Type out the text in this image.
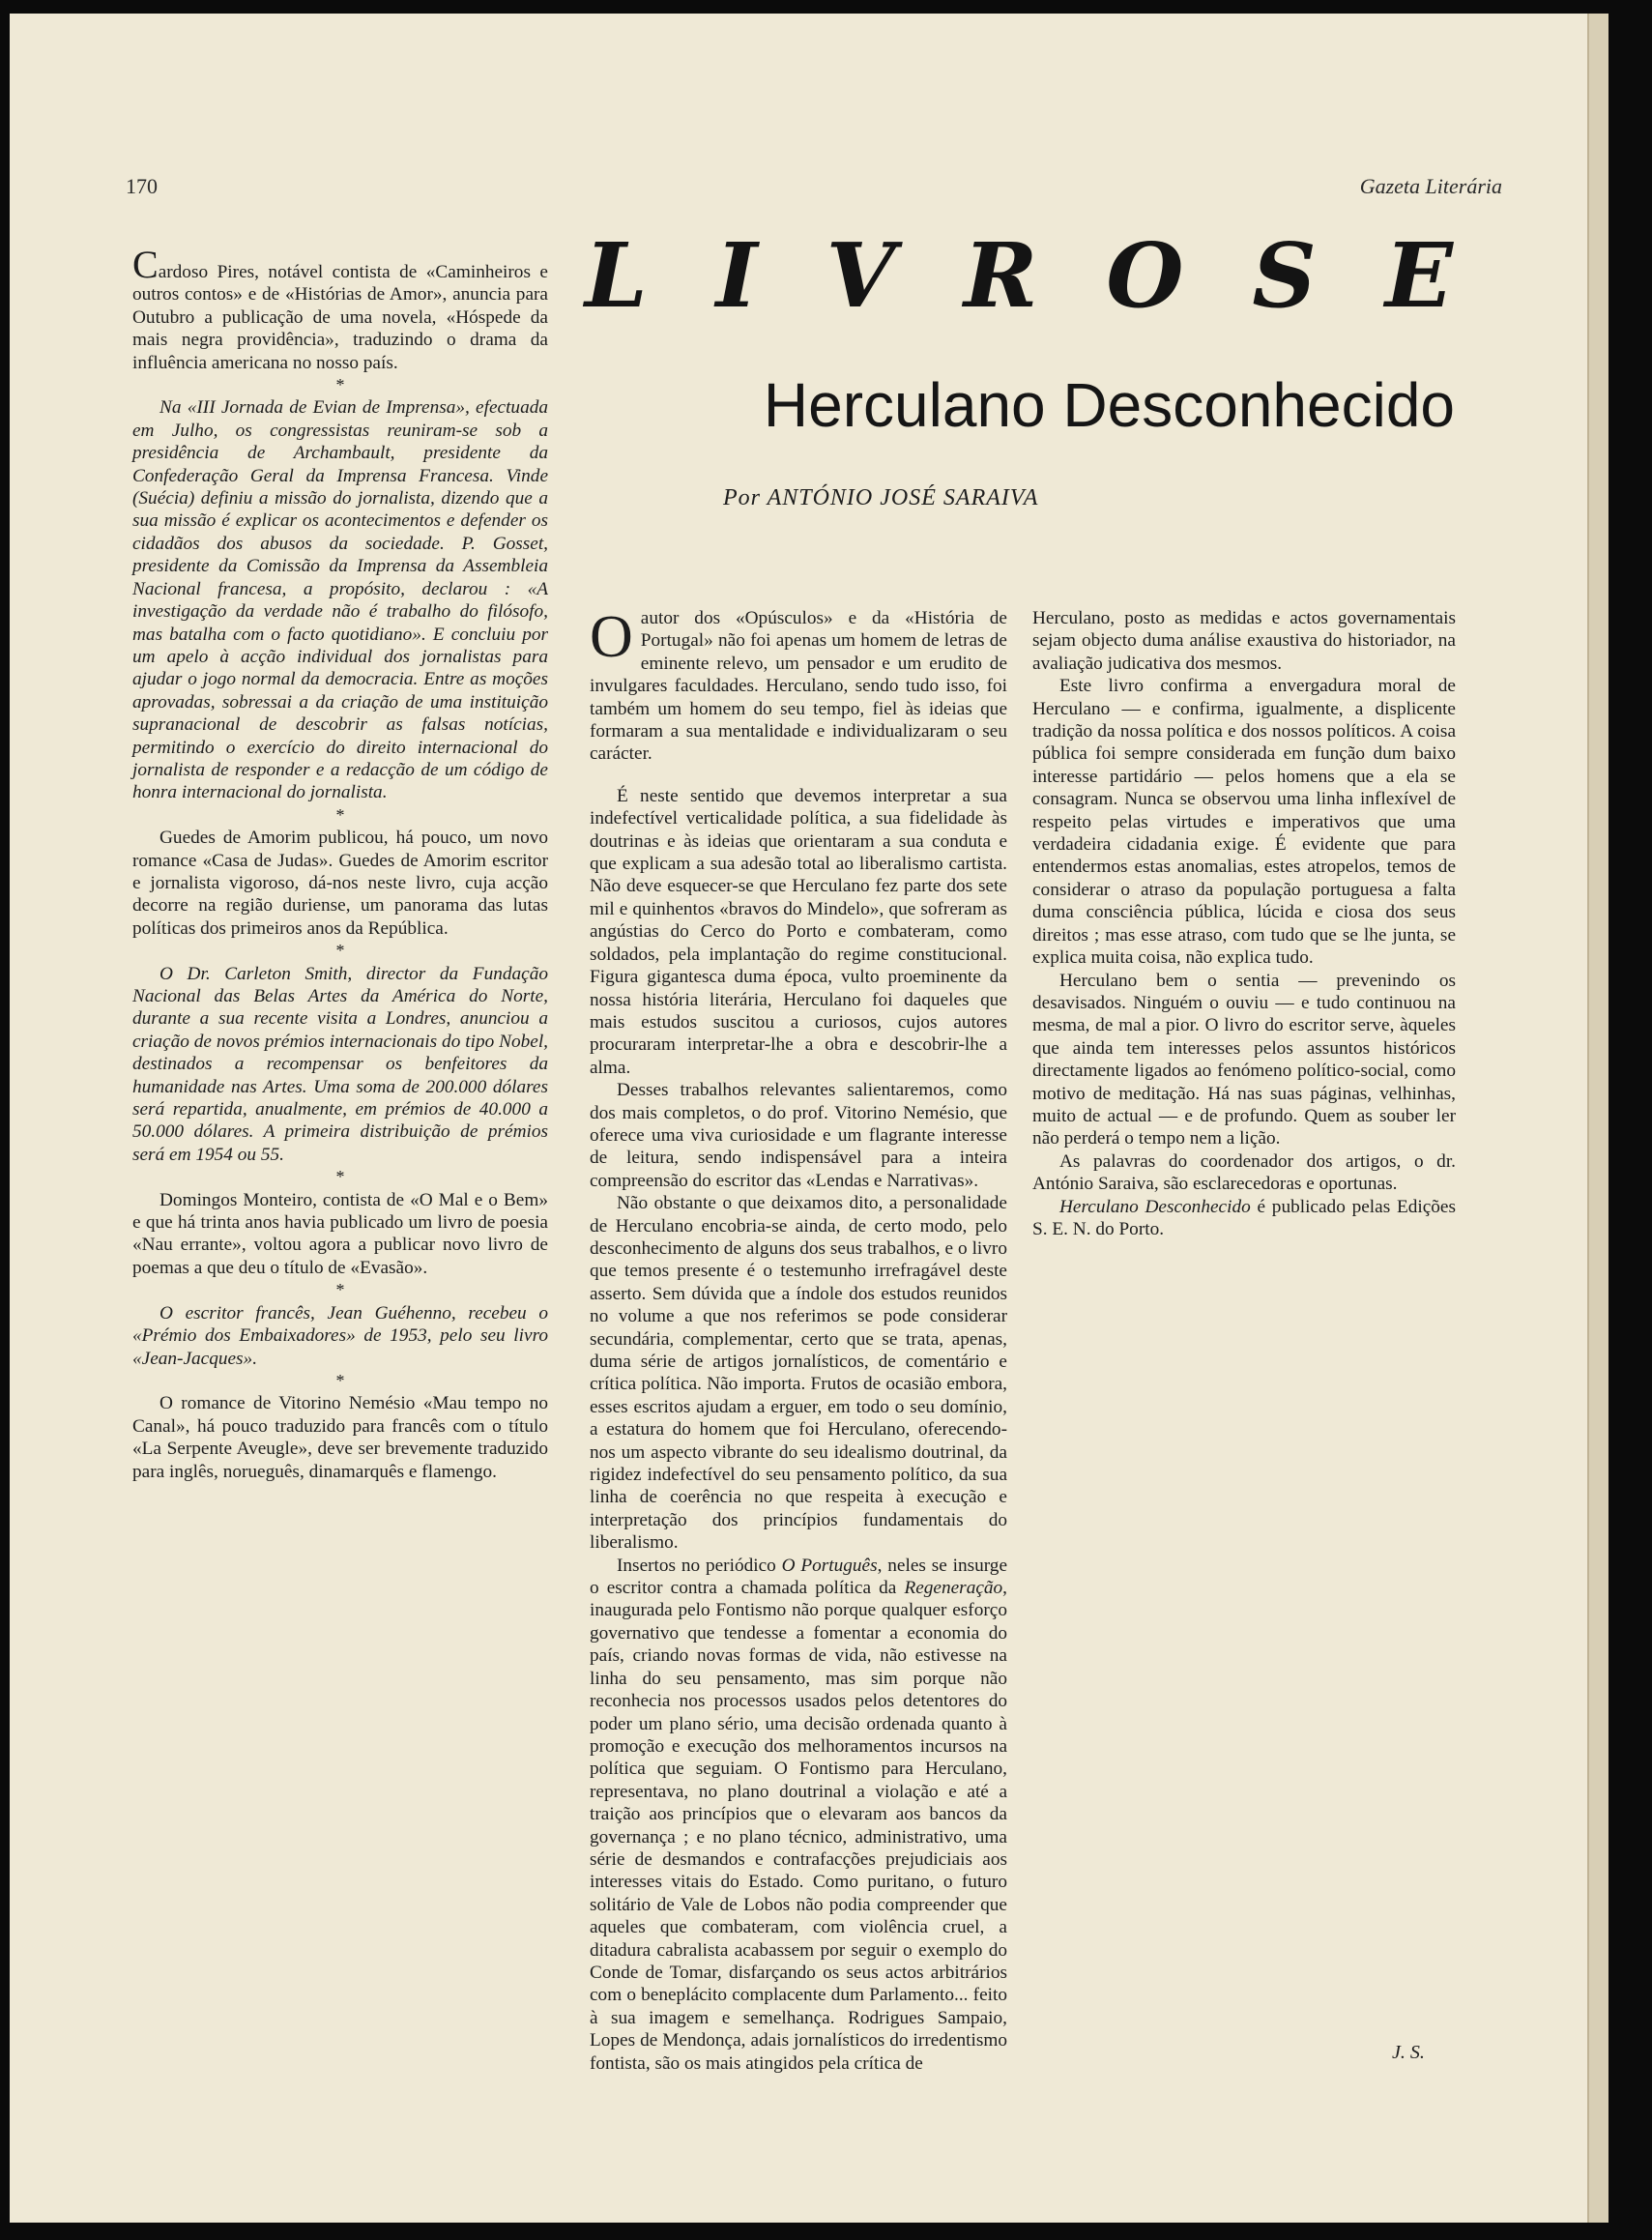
170	Gazeta Literária
L I V R O S E
Herculano Desconhecido
Por ANTÓNIO JOSÉ SARAIVA

Cardoso Pires, notável contista de «Caminheiros e outros contos» e de «Histórias de Amor», anuncia para Outubro a publicação de uma novela, «Hóspede da mais negra providência», traduzindo o drama da influência americana no nosso país.

*

Na «III Jornada de Evian de Imprensa», efectuada em Julho, os congressistas reuniram-se sob a presidência de Archambault, presidente da Confederação Geral da Imprensa Francesa. Vinde (Suécia) definiu a missão do jornalista, dizendo que a sua missão é explicar os acontecimentos e defender os cidadãos dos abusos da sociedade. P. Gosset, presidente da Comissão da Imprensa da Assembleia Nacional francesa, a propósito, declarou : «A investigação da verdade não é trabalho do filósofo, mas batalha com o facto quotidiano». E concluiu por um apelo à acção individual dos jornalistas para ajudar o jogo normal da democracia. Entre as moções aprovadas, sobressai a da criação de uma instituição supranacional de descobrir as falsas notícias, permitindo o exercício do direito internacional do jornalista de responder e a redacção de um código de honra internacional do jornalista.

*

Guedes de Amorim publicou, há pouco, um novo romance «Casa de Judas». Guedes de Amorim escritor e jornalista vigoroso, dá-nos neste livro, cuja acção decorre na região duriense, um panorama das lutas políticas dos primeiros anos da República.

*

O Dr. Carleton Smith, director da Fundação Nacional das Belas Artes da América do Norte, durante a sua recente visita a Londres, anunciou a criação de novos prémios internacionais do tipo Nobel, destinados a recompensar os benfeitores da humanidade nas Artes. Uma soma de 200.000 dólares será repartida, anualmente, em prémios de 40.000 a 50.000 dólares. A primeira distribuição de prémios será em 1954 ou 55.

*

Domingos Monteiro, contista de «O Mal e o Bem» e que há trinta anos havia publicado um livro de poesia «Nau errante», voltou agora a publicar novo livro de poemas a que deu o título de «Evasão».

*

O escritor francês, Jean Guéhenno, recebeu o «Prémio dos Embaixadores» de 1953, pelo seu livro «Jean-Jacques».

*

O romance de Vitorino Nemésio «Mau tempo no Canal», há pouco traduzido para francês com o título «La Serpente Aveugle», deve ser brevemente traduzido para inglês, norueguês, dinamarquês e flamengo.

Oautor dos «Opúsculos» e da «História de Portugal» não foi apenas um homem de letras de eminente relevo, um pensador e um erudito de invulgares faculdades. Herculano, sendo tudo isso, foi também um homem do seu tempo, fiel às ideias que formaram a sua mentalidade e individualizaram o seu carácter.

É neste sentido que devemos interpretar a sua indefectível verticalidade política, a sua fidelidade às doutrinas e às ideias que orientaram a sua conduta e que explicam a sua adesão total ao liberalismo cartista. Não deve esquecer-se que Herculano fez parte dos sete mil e quinhentos «bravos do Mindelo», que sofreram as angústias do Cerco do Porto e combateram, como soldados, pela implantação do regime constitucional. Figura gigantesca duma época, vulto proeminente da nossa história literária, Herculano foi daqueles que mais estudos suscitou a curiosos, cujos autores procuraram interpretar-lhe a obra e descobrir-lhe a alma.

Desses trabalhos relevantes salientaremos, como dos mais completos, o do prof. Vitorino Nemésio, que oferece uma viva curiosidade e um flagrante interesse de leitura, sendo indispensável para a inteira compreensão do escritor das «Lendas e Narrativas».

Não obstante o que deixamos dito, a personalidade de Herculano encobria-se ainda, de certo modo, pelo desconhecimento de alguns dos seus trabalhos, e o livro que temos presente é o testemunho irrefragável deste asserto. Sem dúvida que a índole dos estudos reunidos no volume a que nos referimos se pode considerar secundária, complementar, certo que se trata, apenas, duma série de artigos jornalísticos, de comentário e crítica política. Não importa. Frutos de ocasião embora, esses escritos ajudam a erguer, em todo o seu domínio, a estatura do homem que foi Herculano, oferecendo-nos um aspecto vibrante do seu idealismo doutrinal, da rigidez indefectível do seu pensamento político, da sua linha de coerência no que respeita à execução e interpretação dos princípios fundamentais do liberalismo.

Insertos no periódico O Português, neles se insurge o escritor contra a chamada política da Regeneração, inaugurada pelo Fontismo não porque qualquer esforço governativo que tendesse a fomentar a economia do país, criando novas formas de vida, não estivesse na linha do seu pensamento, mas sim porque não reconhecia nos processos usados pelos detentores do poder um plano sério, uma decisão ordenada quanto à promoção e execução dos melhoramentos incursos na política que seguiam. O Fontismo para Herculano, representava, no plano doutrinal a violação e até a traição aos princípios que o elevaram aos bancos da governança ; e no plano técnico, administrativo, uma série de desmandos e contrafacções prejudiciais aos interesses vitais do Estado. Como puritano, o futuro solitário de Vale de Lobos não podia compreender que aqueles que combateram, com violência cruel, a ditadura cabralista acabassem por seguir o exemplo do Conde de Tomar, disfarçando os seus actos arbitrários com o beneplácito complacente dum Parlamento... feito à sua imagem e semelhança. Rodrigues Sampaio, Lopes de Mendonça, adais jornalísticos do irredentismo fontista, são os mais atingidos pela crítica de

Herculano, posto as medidas e actos governamentais sejam objecto duma análise exaustiva do historiador, na avaliação judicativa dos mesmos.

Este livro confirma a envergadura moral de Herculano — e confirma, igualmente, a displicente tradição da nossa política e dos nossos políticos. A coisa pública foi sempre considerada em função dum baixo interesse partidário — pelos homens que a ela se consagram. Nunca se observou uma linha inflexível de respeito pelas virtudes e imperativos que uma verdadeira cidadania exige. É evidente que para entendermos estas anomalias, estes atropelos, temos de considerar o atraso da população portuguesa a falta duma consciência pública, lúcida e ciosa dos seus direitos ; mas esse atraso, com tudo que se lhe junta, se explica muita coisa, não explica tudo.

Herculano bem o sentia — prevenindo os desavisados. Ninguém o ouviu — e tudo continuou na mesma, de mal a pior. O livro do escritor serve, àqueles que ainda tem interesses pelos assuntos históricos directamente ligados ao fenómeno político-social, como motivo de meditação. Há nas suas páginas, velhinhas, muito de actual — e de profundo. Quem as souber ler não perderá o tempo nem a lição.

As palavras do coordenador dos artigos, o dr. António Saraiva, são esclarecedoras e oportunas.

Herculano Desconhecido é publicado pelas Edições S. E. N. do Porto.

J. S.
